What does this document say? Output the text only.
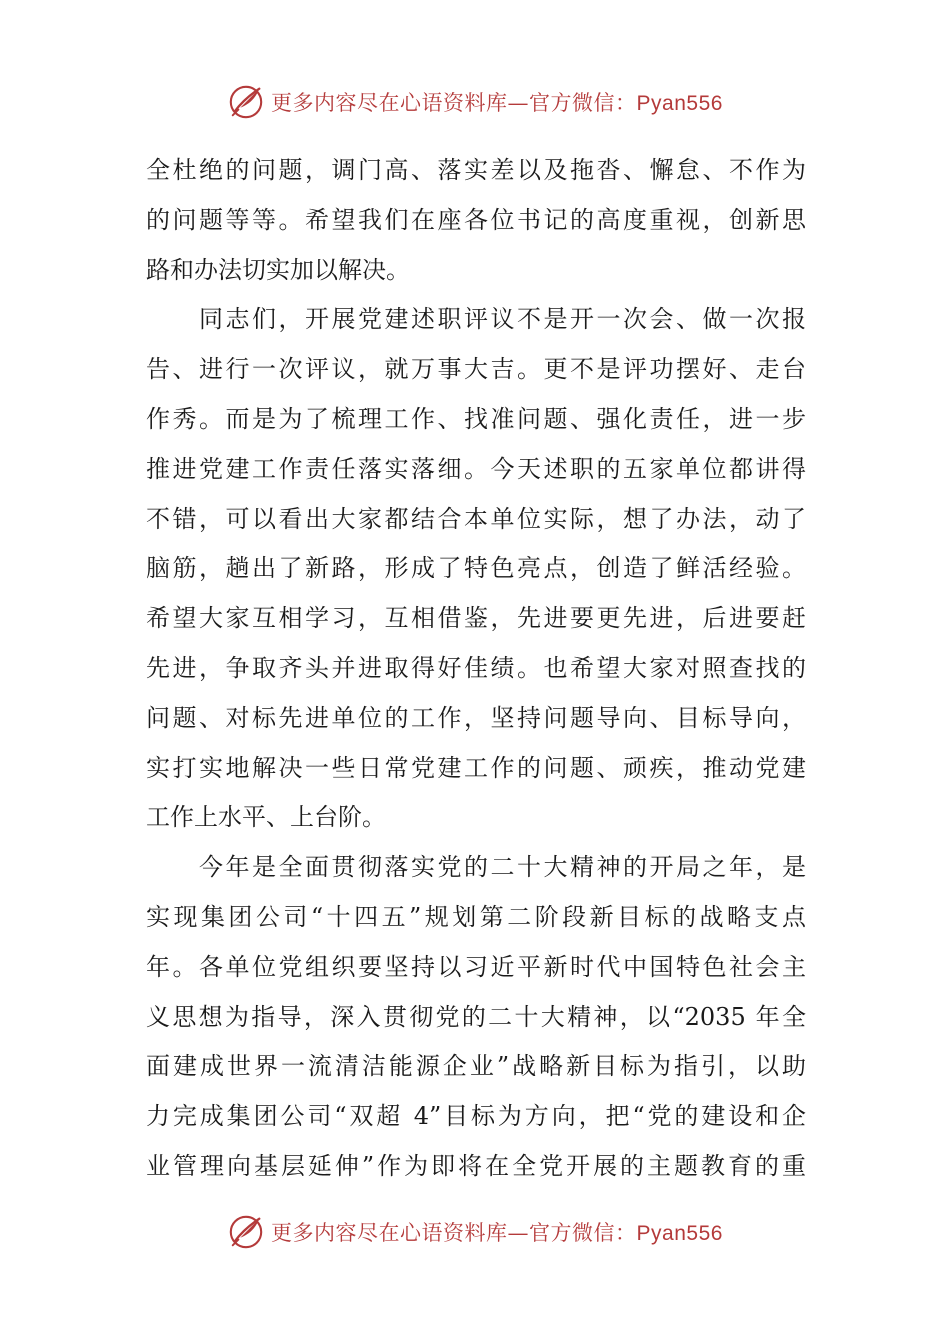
更多内容尽在心语资料库—官方微信：Pyan556
全杜绝的问题，调门高、落实差以及拖沓、懈怠、不作为
的问题等等。希望我们在座各位书记的高度重视，创新思
路和办法切实加以解决。
　　同志们，开展党建述职评议不是开一次会、做一次报
告、进行一次评议，就万事大吉。更不是评功摆好、走台
作秀。而是为了梳理工作、找准问题、强化责任，进一步
推进党建工作责任落实落细。今天述职的五家单位都讲得
不错，可以看出大家都结合本单位实际，想了办法，动了
脑筋，趟出了新路，形成了特色亮点，创造了鲜活经验。
希望大家互相学习，互相借鉴，先进要更先进，后进要赶
先进，争取齐头并进取得好佳绩。也希望大家对照查找的
问题、对标先进单位的工作，坚持问题导向、目标导向，
实打实地解决一些日常党建工作的问题、顽疾，推动党建
工作上水平、上台阶。
　　今年是全面贯彻落实党的二十大精神的开局之年，是
实现集团公司“十四五”规划第二阶段新目标的战略支点
年。各单位党组织要坚持以习近平新时代中国特色社会主
义思想为指导，深入贯彻党的二十大精神，以“2035 年全
面建成世界一流清洁能源企业”战略新目标为指引，以助
力完成集团公司“双超 4”目标为方向，把“党的建设和企
业管理向基层延伸”作为即将在全党开展的主题教育的重
更多内容尽在心语资料库—官方微信：Pyan556
